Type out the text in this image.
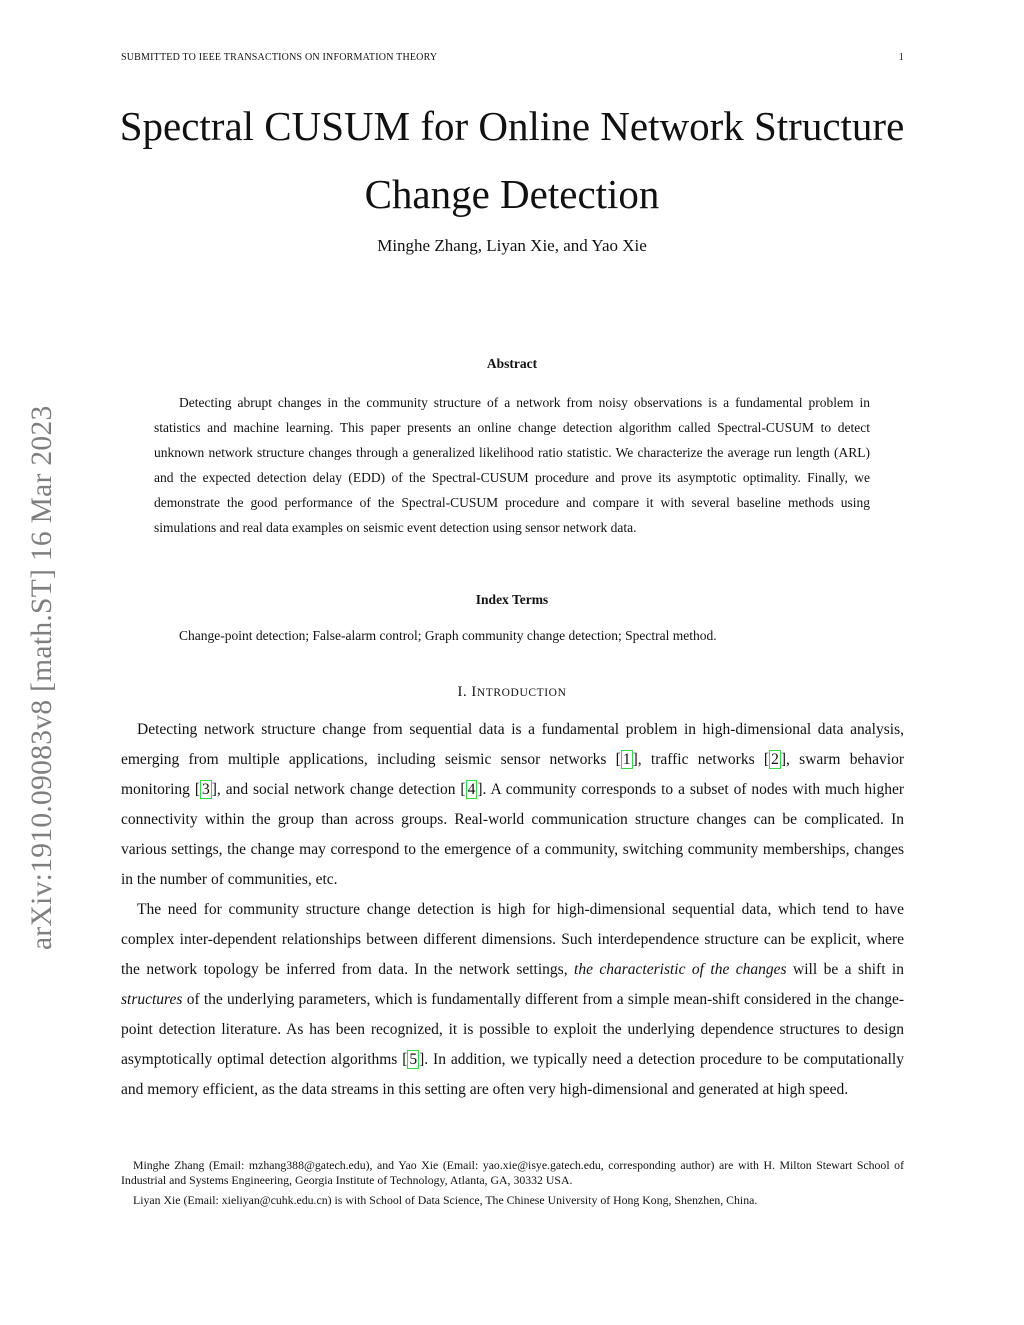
SUBMITTED TO IEEE TRANSACTIONS ON INFORMATION THEORY	1
Spectral CUSUM for Online Network Structure
Change Detection
Minghe Zhang, Liyan Xie, and Yao Xie
arXiv:1910.09083v8 [math.ST] 16 Mar 2023
Abstract

Detecting abrupt changes in the community structure of a network from noisy observations is a fundamental problem in statistics and machine learning. This paper presents an online change detection algorithm called Spectral-CUSUM to detect unknown network structure changes through a generalized likelihood ratio statistic. We characterize the average run length (ARL) and the expected detection delay (EDD) of the Spectral-CUSUM procedure and prove its asymptotic optimality. Finally, we demonstrate the good performance of the Spectral-CUSUM procedure and compare it with several baseline methods using simulations and real data examples on seismic event detection using sensor network data.

Index Terms

Change-point detection; False-alarm control; Graph community change detection; Spectral method.

I. INTRODUCTION

Detecting network structure change from sequential data is a fundamental problem in high-dimensional data analysis, emerging from multiple applications, including seismic sensor networks [ 1 ], traffic networks [ 2 ], swarm behavior monitoring [ 3 ], and social network change detection [ 4 ]. A community corresponds to a subset of nodes with much higher connectivity within the group than across groups. Real-world communication structure changes can be complicated. In various settings, the change may correspond to the emergence of a community, switching community memberships, changes in the number of communities, etc.

The need for community structure change detection is high for high-dimensional sequential data, which tend to have complex inter-dependent relationships between different dimensions. Such interdependence structure can be explicit, where the network topology be inferred from data. In the network settings, the characteristic of the changes will be a shift in structures of the underlying parameters, which is fundamentally different from a simple mean-shift considered in the change-point detection literature. As has been recognized, it is possible to exploit the underlying dependence structures to design asymptotically optimal detection algorithms [ 5 ]. In addition, we typically need a detection procedure to be computationally and memory efficient, as the data streams in this setting are often very high-dimensional and generated at high speed.

Minghe Zhang (Email: mzhang388@gatech.edu), and Yao Xie (Email: yao.xie@isye.gatech.edu, corresponding author) are with H. Milton Stewart School of Industrial and Systems Engineering, Georgia Institute of Technology, Atlanta, GA, 30332 USA.

Liyan Xie (Email: xieliyan@cuhk.edu.cn) is with School of Data Science, The Chinese University of Hong Kong, Shenzhen, China.
